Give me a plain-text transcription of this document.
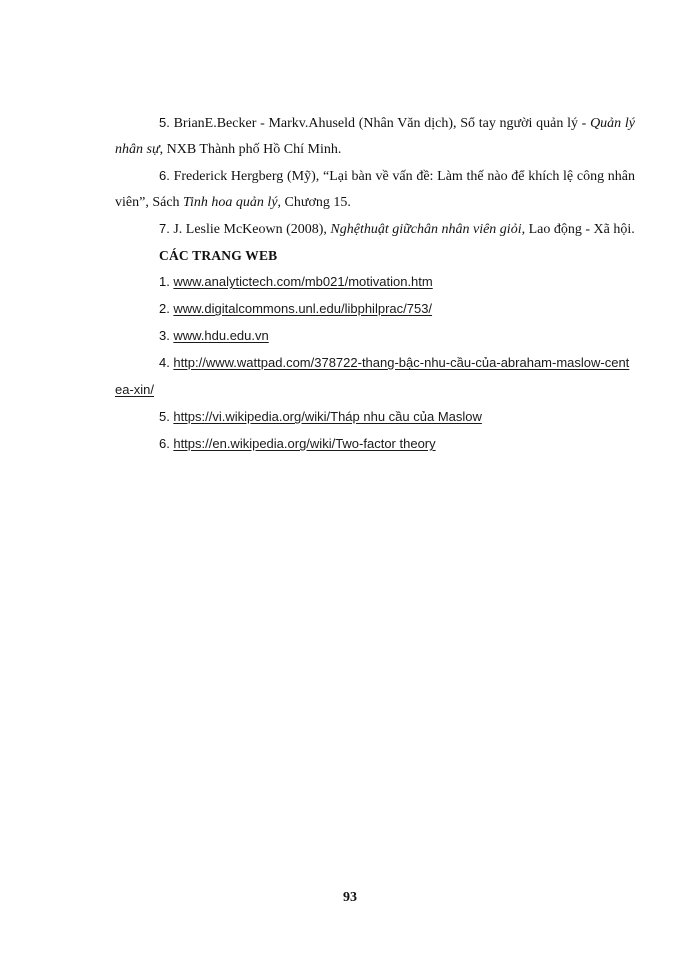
5. BrianE.Becker - Markv.Ahuseld (Nhân Văn dịch), Sổ tay người quản lý - Quản lý nhân sự, NXB Thành phố Hồ Chí Minh.

6. Frederick Hergberg (Mỹ), “Lại bàn về vấn đề: Làm thế nào để khích lệ công nhân viên”, Sách Tinh hoa quản lý, Chương 15.

7. J. Leslie McKeown (2008), Nghệthuật giữchân nhân viên giỏi, Lao động - Xã hội.

CÁC TRANG WEB

1. www.analytictech.com/mb021/motivation.htm

2. www.digitalcommons.unl.edu/libphilprac/753/

3. www.hdu.edu.vn

4. http://www.wattpad.com/378722-thang-bậc-nhu-cầu-của-abraham-maslow-centea-xin/

5. https://vi.wikipedia.org/wiki/Tháp nhu cầu của Maslow

6. https://en.wikipedia.org/wiki/Two-factor theory

93
